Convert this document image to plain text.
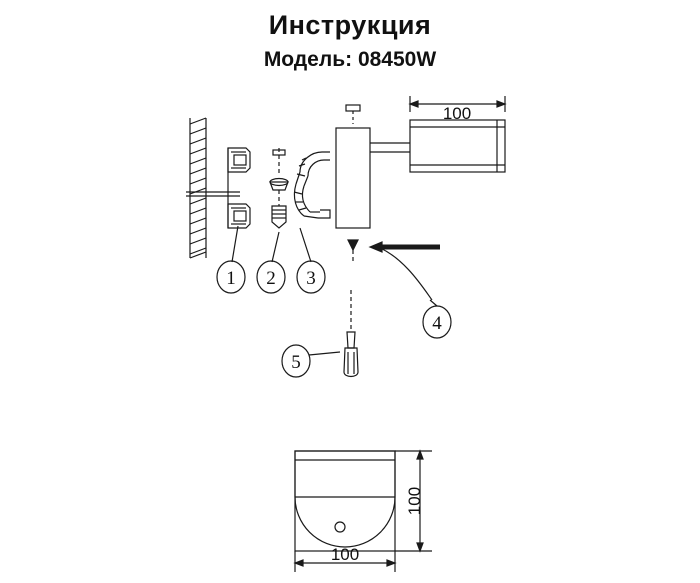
Инструкция
Модель: 08450W
1 2 3
4
5
100
100
100
